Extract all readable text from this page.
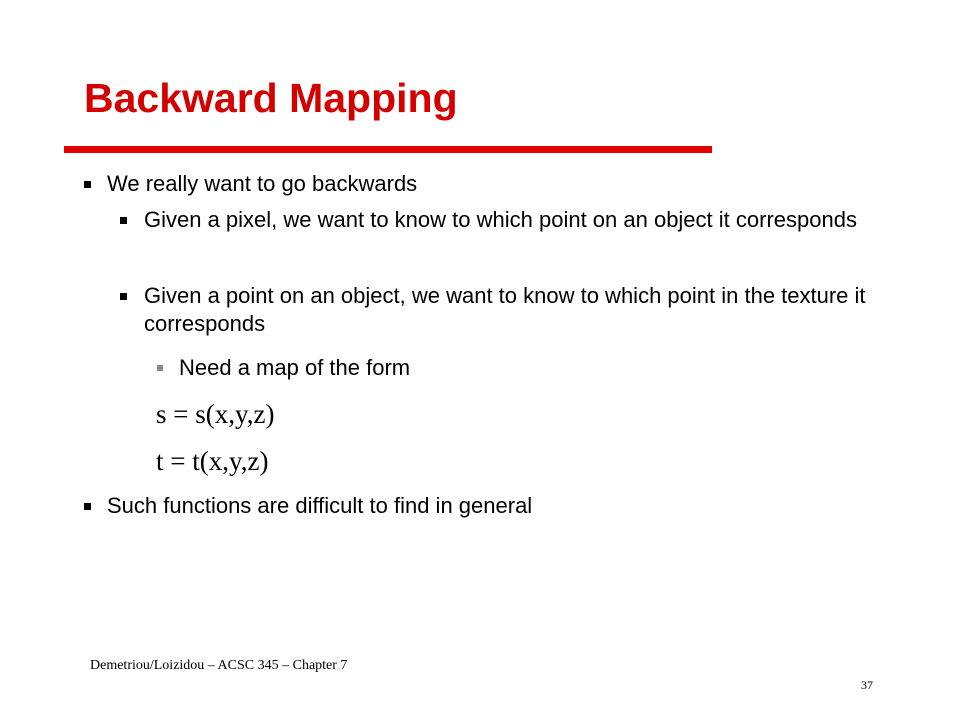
Backward Mapping
We really want to go backwards
Given a pixel, we want to know to which point on an object it corresponds
Given a point on an object, we want to know to which point in the texture it corresponds
Need a map of the form
s = s(x,y,z)
t = t(x,y,z)
Such functions are difficult to find in general
Demetriou/Loizidou – ACSC 345 – Chapter 7
37
